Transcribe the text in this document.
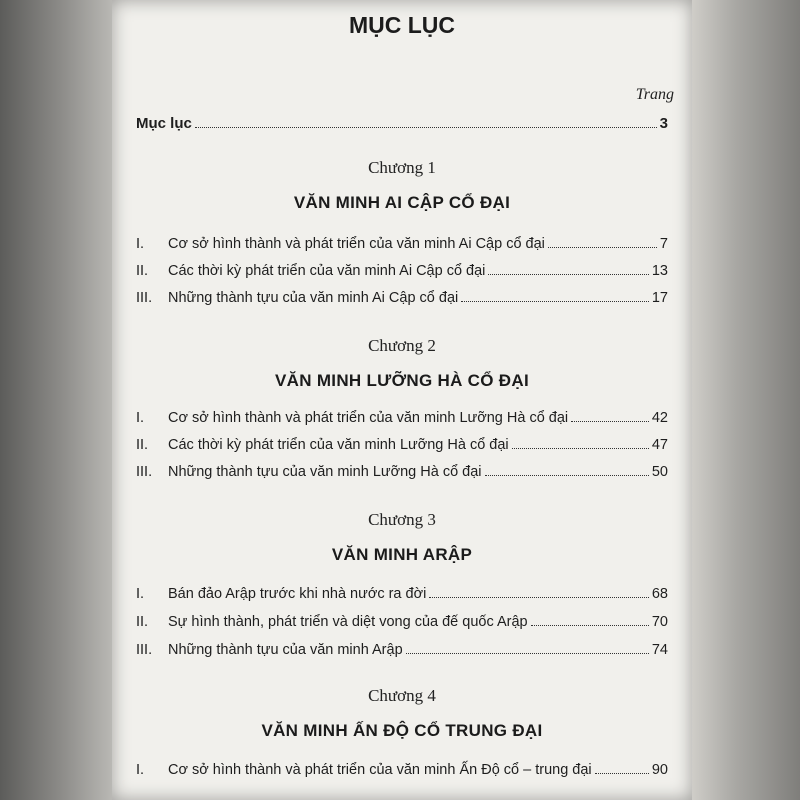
MỤC LỤC
Trang
Mục lục	3
Chương 1
VĂN MINH AI CẬP CỔ ĐẠI
I.	Cơ sở hình thành và phát triển của văn minh Ai Cập cổ đại	7
II.	Các thời kỳ phát triển của văn minh Ai Cập cổ đại	13
III.	Những thành tựu của văn minh Ai Cập cổ đại	17
Chương 2
VĂN MINH LƯỠNG HÀ CỔ ĐẠI
I.	Cơ sở hình thành và phát triển của văn minh Lưỡng Hà cổ đại	42
II.	Các thời kỳ phát triển của văn minh Lưỡng Hà cổ đại	47
III.	Những thành tựu của văn minh Lưỡng Hà cổ đại	50
Chương 3
VĂN MINH ARẬP
I.	Bán đảo Arập trước khi nhà nước ra đời	68
II.	Sự hình thành, phát triển và diệt vong của đế quốc Arập	70
III.	Những thành tựu của văn minh Arập	74
Chương 4
VĂN MINH ẤN ĐỘ CỔ TRUNG ĐẠI
I.	Cơ sở hình thành và phát triển của văn minh Ấn Độ cổ – trung đại	90
